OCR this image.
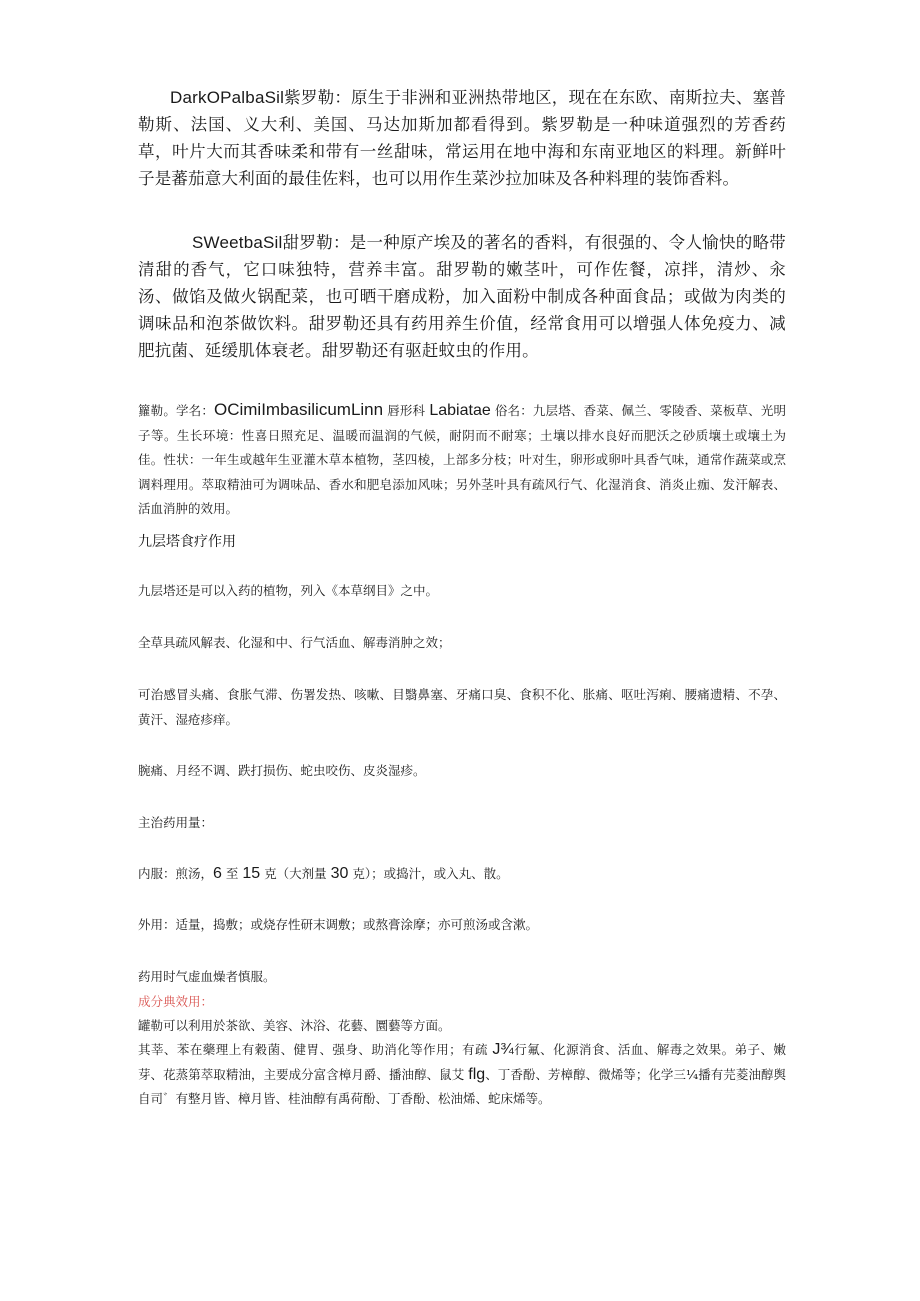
DarkOPalbaSil紫罗勒：原生于非洲和亚洲热带地区，现在在东欧、南斯拉夫、塞普勒斯、法国、义大利、美国、马达加斯加都看得到。紫罗勒是一种味道强烈的芳香药草，叶片大而其香味柔和带有一丝甜味，常运用在地中海和东南亚地区的料理。新鲜叶子是蕃茄意大利面的最佳佐料，也可以用作生菜沙拉加味及各种料理的装饰香料。

SWeetbaSil甜罗勒：是一种原产埃及的著名的香料，有很强的、令人愉快的略带清甜的香气，它口味独特，营养丰富。甜罗勒的嫩茎叶，可作佐餐，凉拌，清炒、汆汤、做馅及做火锅配菜，也可晒干磨成粉，加入面粉中制成各种面食品；或做为肉类的调味品和泡茶做饮料。甜罗勒还具有药用养生价值，经常食用可以增强人体免疫力、减肥抗菌、延缓肌体衰老。甜罗勒还有驱赶蚊虫的作用。

籮勒。学名：OCimiImbasilicumLinn 唇形科 Labiatae 俗名：九层塔、香菜、佩兰、零陵香、菜板草、光明子等。生长环境：性喜日照充足、温暖而温润的气候，耐阴而不耐寒；土壤以排水良好而肥沃之砂质壤土或壤土为佳。性状：一年生或越年生亚灌木草本植物，茎四棱，上部多分枝；叶对生，卵形或卵叶具香气味，通常作蔬菜或烹调料理用。萃取精油可为调味品、香水和肥皂添加风味；另外茎叶具有疏风行气、化湿消食、消炎止痂、发汗解表、活血消肿的效用。

九层塔食疗作用

九层塔还是可以入药的植物，列入《本草纲目》之中。

全草具疏风解表、化湿和中、行气活血、解毒消肿之效；

可治感冒头痛、食胀气滞、伤署发热、咳嗽、目翳鼻塞、牙痛口臭、食积不化、胀痛、呕吐泻痢、腰痛遗精、不孕、黄汗、湿疮疹痒。

腕痛、月经不调、跌打损伤、蛇虫咬伤、皮炎湿疹。

主治药用量：

内服：煎汤，6 至 15 克（大剂量 30 克）；或捣汁，或入丸、散。

外用：适量，捣敷；或烧存性研末调敷；或熬膏涂摩；亦可煎汤或含漱。

药用时气虚血燥者慎服。

成分典效用：

罐勒可以利用於茶欲、美容、沐浴、花藝、圜藝等方面。

其莘、苯在藥理上有穀菌、健胃、强身、助消化等作用；有疏 J¾行氟、化源消食、活血、解毒之效果。弟子、嫩芽、花蒸第萃取精油，主要成分富含樟月爵、播油醇、鼠艾 flg、丁香酚、芳樟醇、微烯等；化学三¼播有芫菱油醇舆自司゛有整月皆、樟月皆、桂油醇有禹荷酚、丁香酚、松油烯、蛇床烯等。
